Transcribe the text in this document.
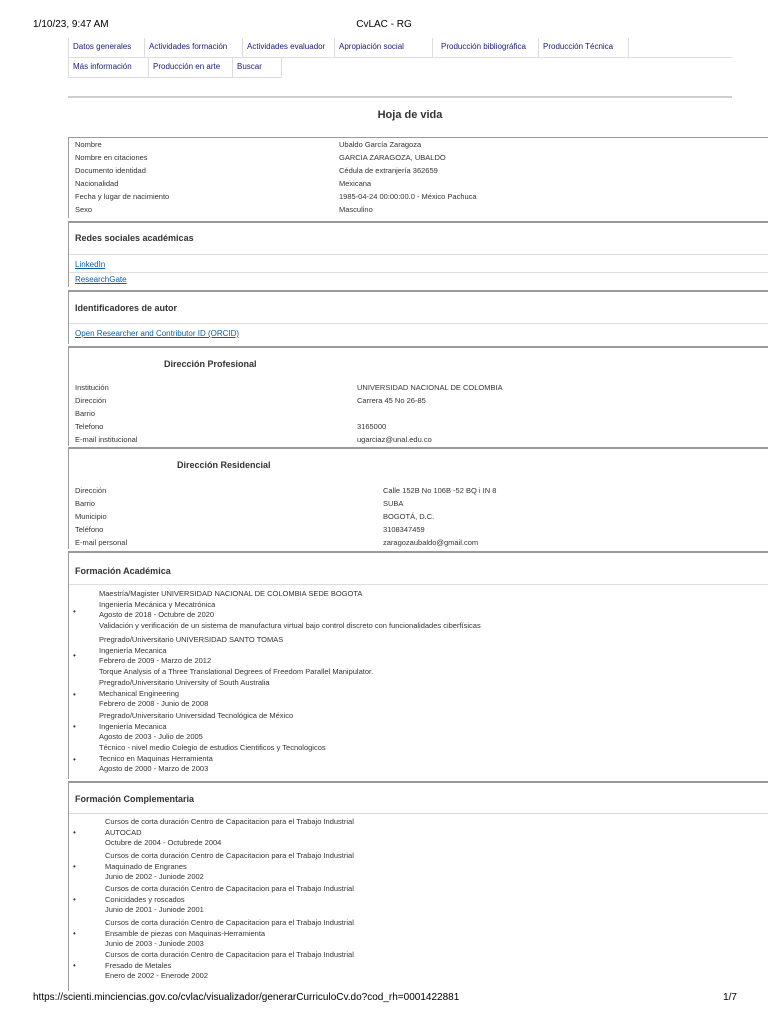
1/10/23, 9:47 AM	CvLAC - RG
Datos generales	Actividades formación	Actividades evaluador	Apropiación social	Producción bibliográfica	Producción Técnica
Más información	Producción en arte	Buscar
Hoja de vida
Nombre	Ubaldo García Zaragoza
Nombre en citaciones	GARCIA ZARAGOZA, UBALDO
Documento identidad	Cédula de extranjería 362659
Nacionalidad	Mexicana
Fecha y lugar de nacimiento	1985-04-24 00:00:00.0 - México Pachuca
Sexo	Masculino
Redes sociales académicas
LinkedIn
ResearchGate
Identificadores de autor
Open Researcher and Contributor ID (ORCID)
Dirección Profesional
Institución	UNIVERSIDAD NACIONAL DE COLOMBIA
Dirección	Carrera 45 No 26-85
Barrio
Telefono	3165000
E-mail institucional	ugarciaz@unal.edu.co
Dirección Residencial
Dirección	Calle 152B No 106B -52 BQ i IN 8
Barrio	SUBA
Municipio	BOGOTÁ, D.C.
Teléfono	3108347459
E-mail personal	zaragozaubaldo@gmail.com
Formación Académica
Maestría/Magister UNIVERSIDAD NACIONAL DE COLOMBIA SEDE BOGOTA
Ingeniería Mecánica y Mecatrónica
Agosto de 2018 - Octubre de 2020
Validación y verificación de un sistema de manufactura virtual bajo control discreto con funcionalidades ciberfísicas
•
Pregrado/Universitario UNIVERSIDAD SANTO TOMAS
Ingeniería Mecanica
Febrero de 2009 - Marzo de 2012
Torque Analysis of a Three Translational Degrees of Freedom Parallel Manipulator.
•
Pregrado/Universitario University of South Australia
Mechanical Engineering
Febrero de 2008 - Junio de 2008
•
Pregrado/Universitario Universidad Tecnológica de México
Ingeniería Mecanica
Agosto de 2003 - Julio de 2005
•
Técnico - nivel medio Colegio de estudios Cientificos y Tecnologicos
Tecnico en Maquinas Herramienta
Agosto de 2000 - Marzo de 2003
•
Formación Complementaria
Cursos de corta duración Centro de Capacitacion para el Trabajo Industrial
AUTOCAD
Octubre de 2004 - Octubrede 2004
•
Cursos de corta duración Centro de Capacitacion para el Trabajo Industrial
Maquinado de Engranes
Junio de 2002 - Juniode 2002
•
Cursos de corta duración Centro de Capacitacion para el Trabajo Industrial
Conicidades y roscados
Junio de 2001 - Juniode 2001
•
Cursos de corta duración Centro de Capacitacion para el Trabajo Industrial
Ensamble de piezas con Maquinas-Herramienta
Junio de 2003 - Juniode 2003
•
Cursos de corta duración Centro de Capacitacion para el Trabajo Industrial
Fresado de Metales
Enero de 2002 - Enerode 2002
•
https://scienti.minciencias.gov.co/cvlac/visualizador/generarCurriculoCv.do?cod_rh=0001422881	1/7
